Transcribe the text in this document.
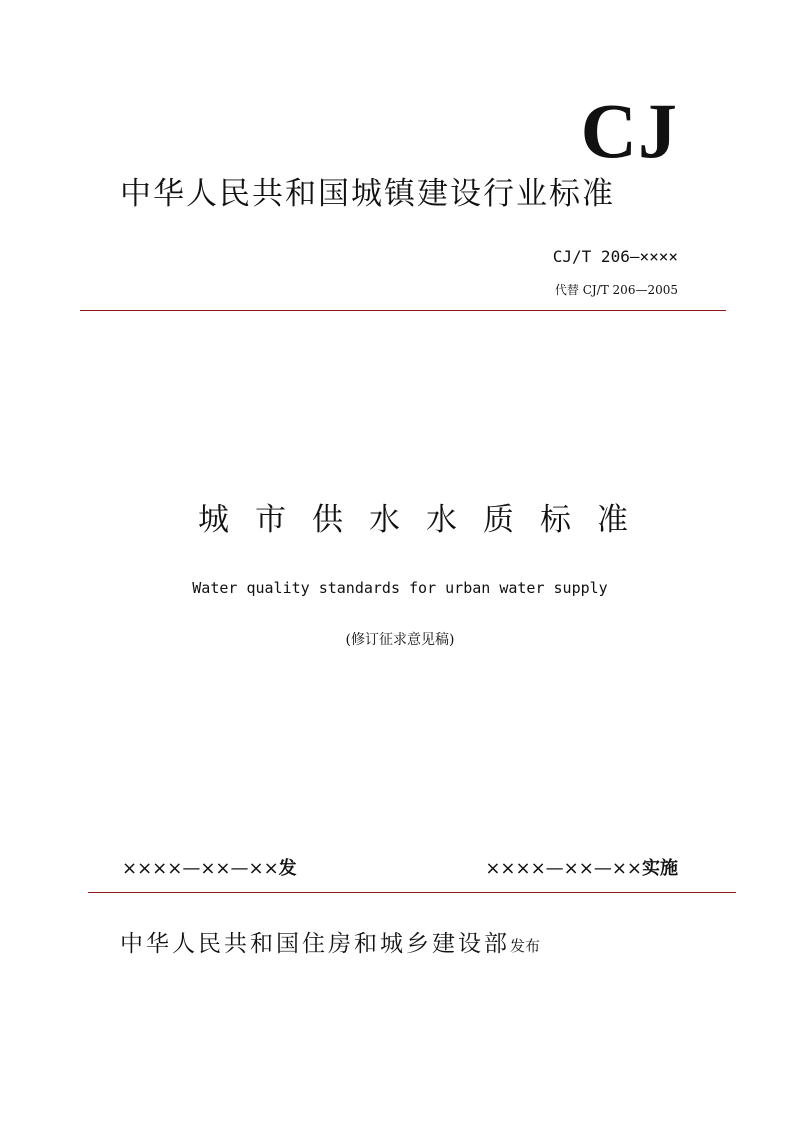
CJ
中华人民共和国城镇建设行业标准
CJ/T 206—××××
代替 CJ/T 206—2005
城市供水水质标准
Water quality standards for urban water supply
(修订征求意见稿)
××××—××—××发	××××—××—××实施
中华人民共和国住房和城乡建设部发布
